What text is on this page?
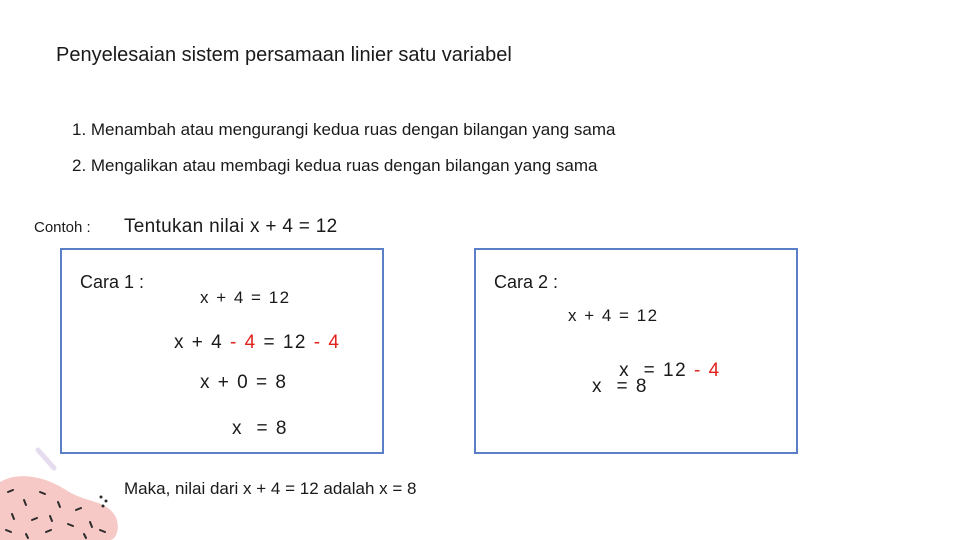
Penyelesaian sistem persamaan linier satu variabel
1. Menambah atau mengurangi kedua ruas dengan bilangan yang sama
2. Mengalikan atau membagi kedua ruas dengan bilangan yang sama
Contoh : Tentukan nilai x + 4 = 12
Cara 1 :
x + 4 = 12
x + 4 - 4 = 12 - 4
x + 0 = 8
x  = 8
Cara 2 :
x + 4 = 12

x  = 12 - 4

x  = 8
Maka, nilai dari x + 4 = 12 adalah x = 8
